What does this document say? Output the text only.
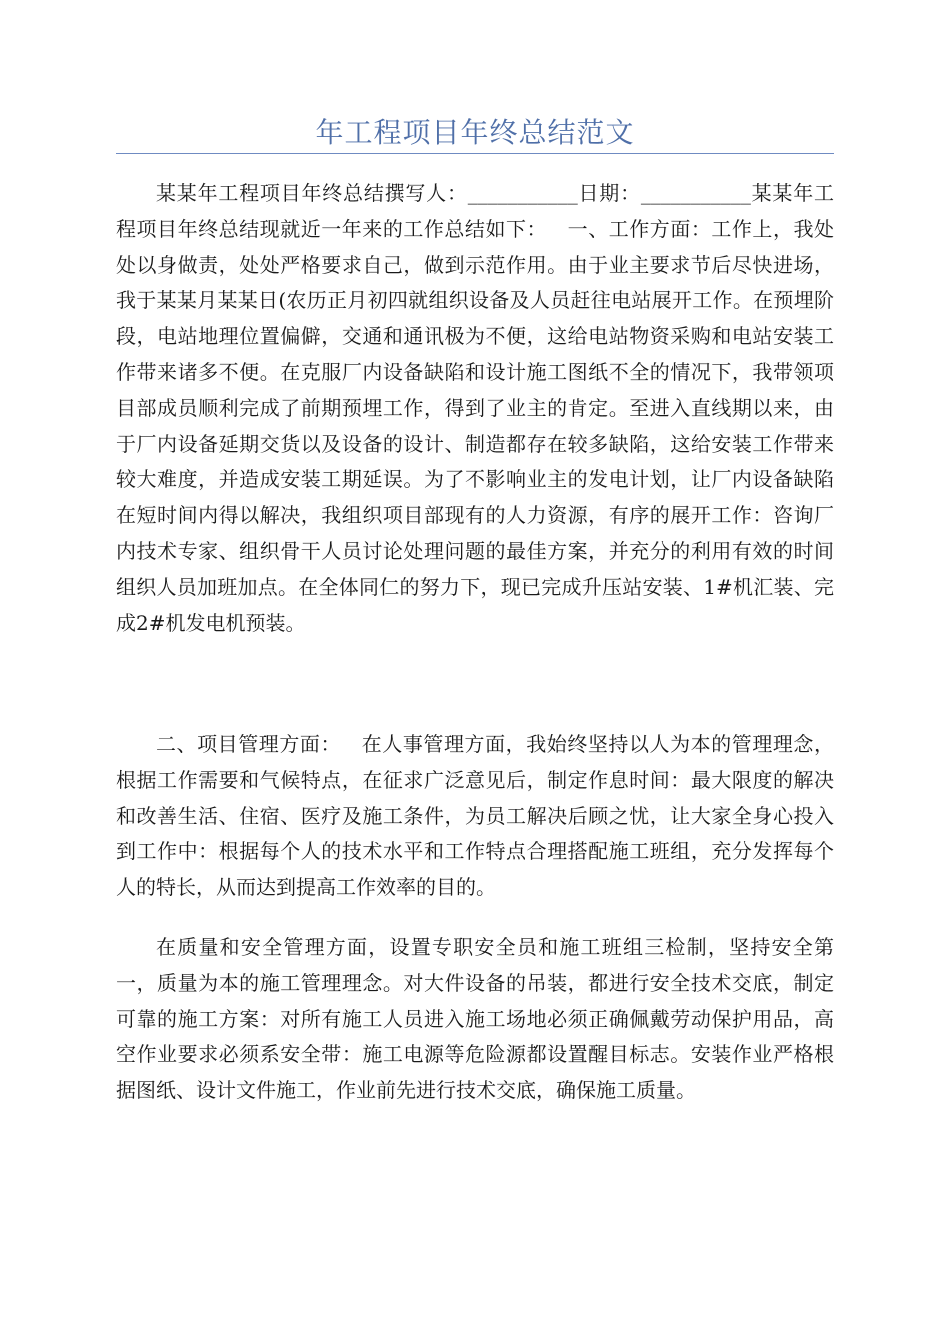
年工程项目年终总结范文

某某年工程项目年终总结撰写人：___________日期：___________某某年工程项目年终总结现就近一年来的工作总结如下：   一、工作方面：工作上，我处处以身做责，处处严格要求自己，做到示范作用。由于业主要求节后尽快进场，我于某某月某某日(农历正月初四就组织设备及人员赶往电站展开工作。在预埋阶段，电站地理位置偏僻，交通和通讯极为不便，这给电站物资采购和电站安装工作带来诸多不便。在克服厂内设备缺陷和设计施工图纸不全的情况下，我带领项目部成员顺利完成了前期预埋工作，得到了业主的肯定。至进入直线期以来，由于厂内设备延期交货以及设备的设计、制造都存在较多缺陷，这给安装工作带来较大难度，并造成安装工期延误。为了不影响业主的发电计划，让厂内设备缺陷在短时间内得以解决，我组织项目部现有的人力资源，有序的展开工作：咨询厂内技术专家、组织骨干人员讨论处理问题的最佳方案，并充分的利用有效的时间组织人员加班加点。在全体同仁的努力下，现已完成升压站安装、1#机汇装、完成2#机发电机预装。

二、项目管理方面：   在人事管理方面，我始终坚持以人为本的管理理念，根据工作需要和气候特点，在征求广泛意见后，制定作息时间：最大限度的解决和改善生活、住宿、医疗及施工条件，为员工解决后顾之忧，让大家全身心投入到工作中：根据每个人的技术水平和工作特点合理搭配施工班组，充分发挥每个人的特长，从而达到提高工作效率的目的。

在质量和安全管理方面，设置专职安全员和施工班组三检制，坚持安全第一，质量为本的施工管理理念。对大件设备的吊装，都进行安全技术交底，制定可靠的施工方案：对所有施工人员进入施工场地必须正确佩戴劳动保护用品，高空作业要求必须系安全带：施工电源等危险源都设置醒目标志。安装作业严格根据图纸、设计文件施工，作业前先进行技术交底，确保施工质量。
